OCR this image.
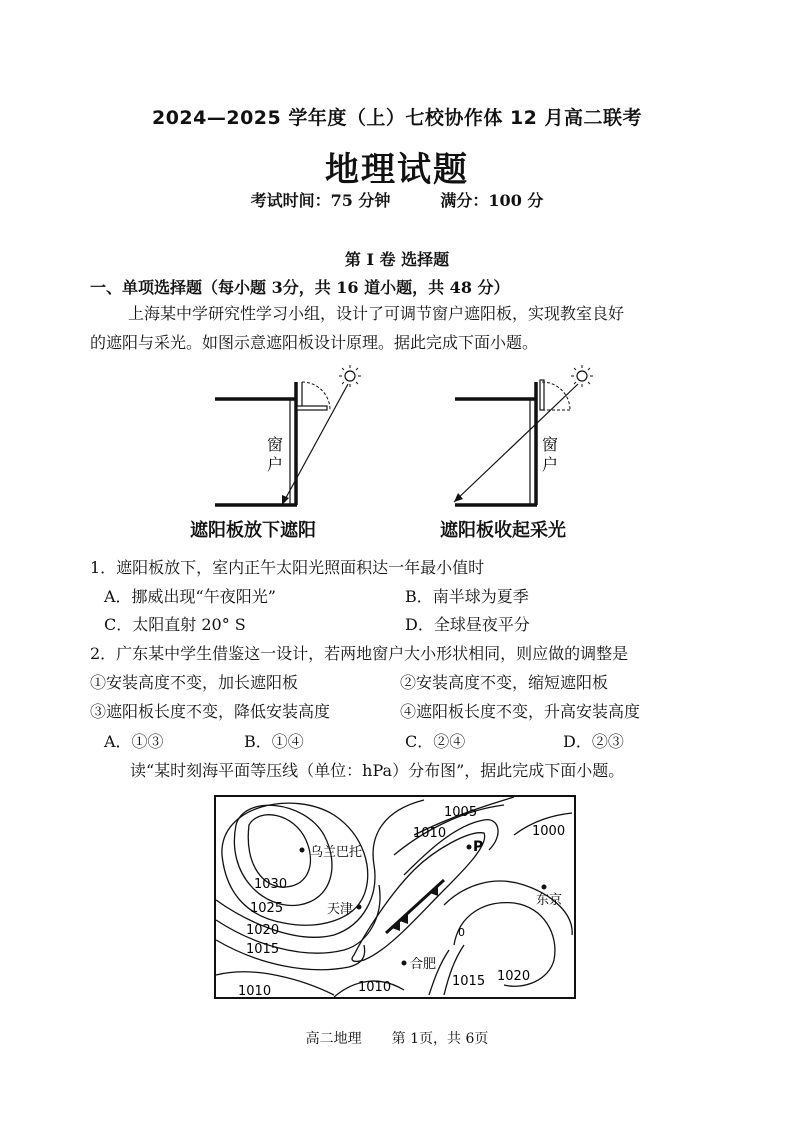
2024—2025 学年度（上）七校协作体 12 月高二联考
地理试题
考试时间：75 分钟	满分：100 分
第 I 卷 选择题
一、单项选择题（每小题 3分，共 16 道小题，共 48 分）
上海某中学研究性学习小组，设计了可调节窗户遮阳板，实现教室良好
的遮阳与采光。如图示意遮阳板设计原理。据此完成下面小题。
窗
户
窗
户
遮阳板放下遮阳	遮阳板收起采光
1．遮阳板放下，室内正午太阳光照面积达一年最小值时
A．挪威出现“午夜阳光”	B．南半球为夏季
C．太阳直射 20° S	D．全球昼夜平分
2．广东某中学生借鉴这一设计，若两地窗户大小形状相同，则应做的调整是
①安装高度不变，加长遮阳板	②安装高度不变，缩短遮阳板
③遮阳板长度不变，降低安装高度	④遮阳板长度不变，升高安装高度
A．①③	B．①④	C．②④	D．②③
读“某时刻海平面等压线（单位：hPa）分布图”，据此完成下面小题。
乌兰巴托
天津
合肥
东京
P
1005
1010	1000
1030
1025
1020
1015
1010	1010	1015 1020
0
高二地理 第 1页，共 6页
